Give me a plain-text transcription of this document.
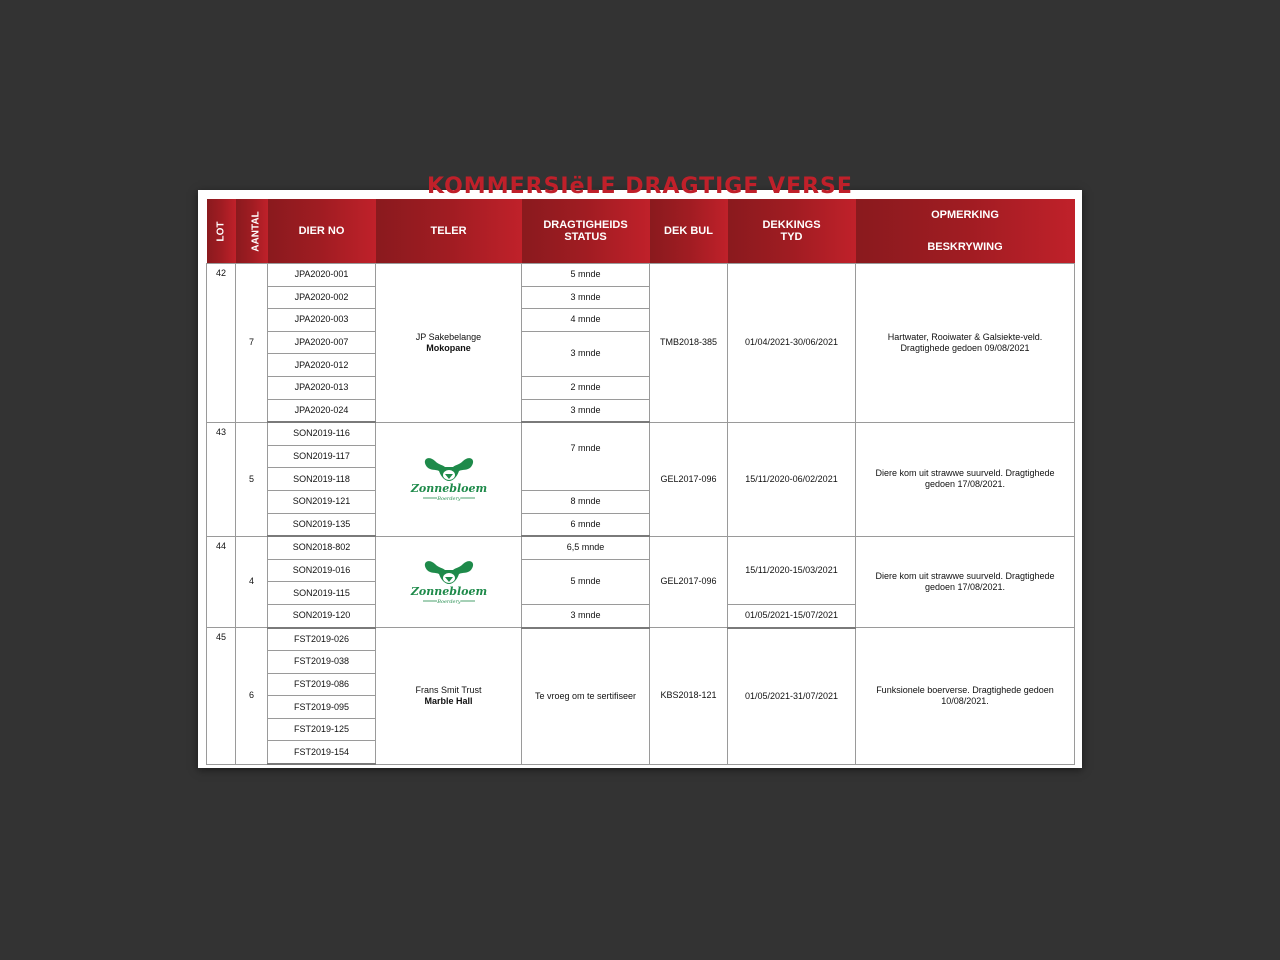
KOMMERSIëLE DRAGTIGE VERSE
LOT	AANTAL	DIER NO	TELER	DRAGTIGHEIDS STATUS	DEK BUL	DEKKINGS TYD	OPMERKING
BESKRYWING
42	7	JPA2020-001	JP Sakebelange
Mokopane	5 mnde	TMB2018-385	01/04/2021-30/06/2021	Hartwater, Rooiwater & Galsiekte-veld. Dragtighede gedoen 09/08/2021
		JPA2020-002		3 mnde			
		JPA2020-003		4 mnde			
		JPA2020-007		3 mnde			
		JPA2020-012					
		JPA2020-013		2 mnde			
		JPA2020-024		3 mnde			
43	5	SON2019-116	Zonnebloem
Boerdery	7 mnde	GEL2017-096	15/11/2020-06/02/2021	Diere kom uit strawwe suurveld. Dragtighede gedoen 17/08/2021.
		SON2019-117					
		SON2019-118					
		SON2019-121		8 mnde			
		SON2019-135		6 mnde			
44	4	SON2018-802	Zonnebloem
Boerdery	6,5 mnde	GEL2017-096	15/11/2020-15/03/2021	Diere kom uit strawwe suurveld. Dragtighede gedoen 17/08/2021.
		SON2019-016		5 mnde			
		SON2019-115					
		SON2019-120		3 mnde		01/05/2021-15/07/2021	
45	6	FST2019-026	Frans Smit Trust
Marble Hall	Te vroeg om te sertifiseer	KBS2018-121	01/05/2021-31/07/2021	Funksionele boerverse. Dragtighede gedoen 10/08/2021.
		FST2019-038					
		FST2019-086					
		FST2019-095					
		FST2019-125					
		FST2019-154					
